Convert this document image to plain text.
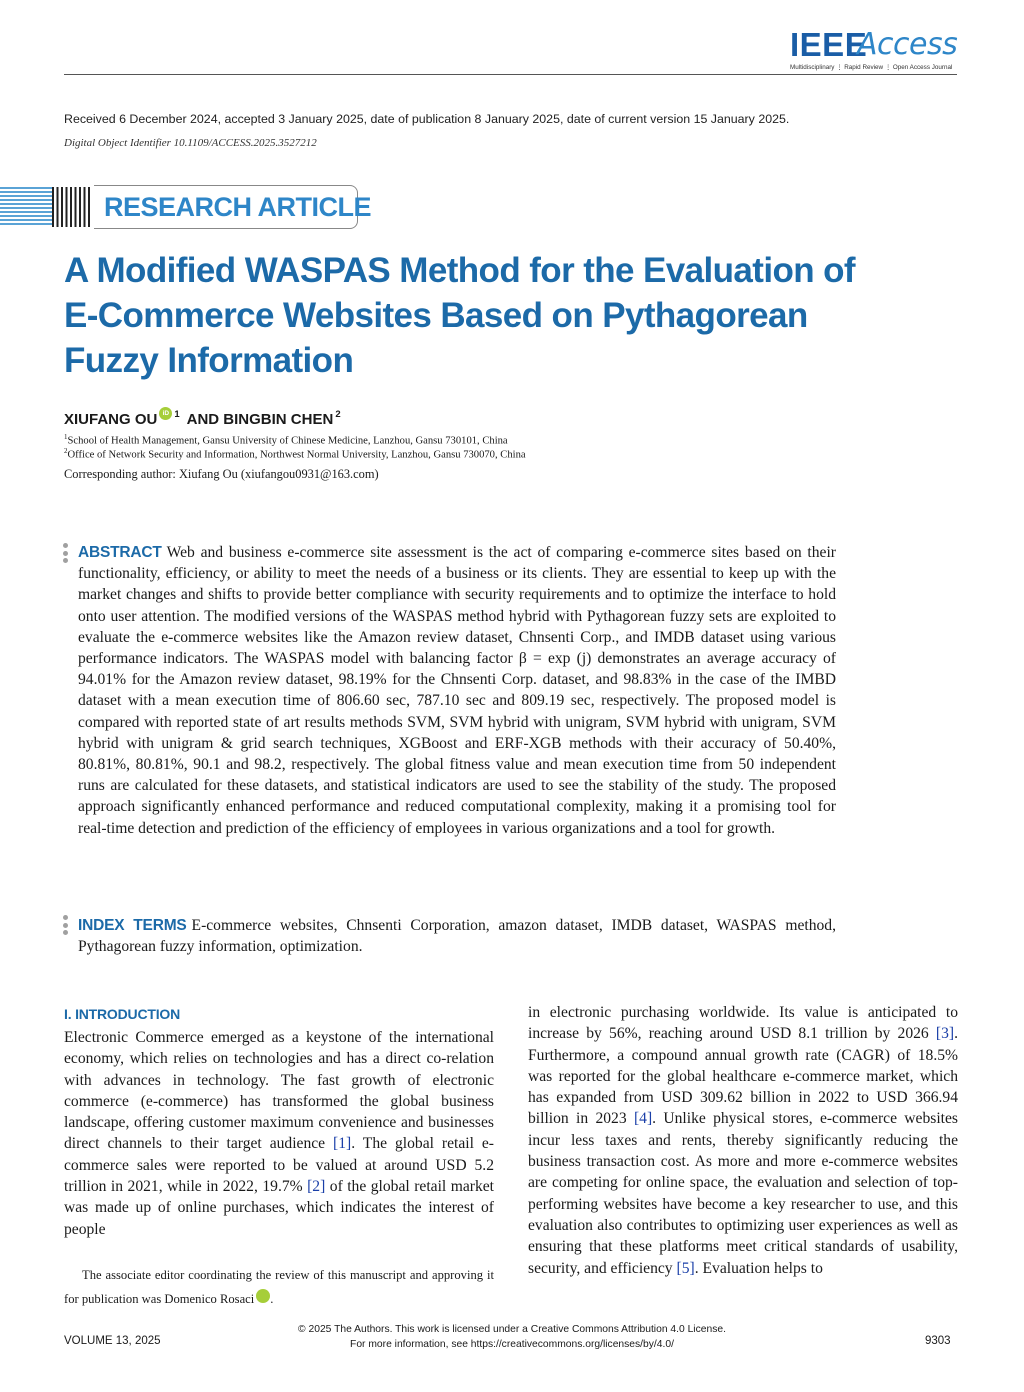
IEEE
Access
Multidisciplinary ⋮ Rapid Review ⋮ Open Access Journal
Received 6 December 2024, accepted 3 January 2025, date of publication 8 January 2025, date of current version 15 January 2025.
Digital Object Identifier 10.1109/ACCESS.2025.3527212
RESEARCH ARTICLE
A Modified WASPAS Method for the Evaluation of E-Commerce Websites Based on Pythagorean Fuzzy Information
XIUFANG OU iD $^1$ AND BINGBIN CHEN$^2$
$^1$School of Health Management, Gansu University of Chinese Medicine, Lanzhou, Gansu 730101, China
$^2$Office of Network Security and Information, Northwest Normal University, Lanzhou, Gansu 730070, China
Corresponding author: Xiufang Ou (xiufangou0931@163.com)
ABSTRACT Web and business e-commerce site assessment is the act of comparing e-commerce sites based on their functionality, efficiency, or ability to meet the needs of a business or its clients. They are essential to keep up with the market changes and shifts to provide better compliance with security requirements and to optimize the interface to hold onto user attention. The modified versions of the WASPAS method hybrid with Pythagorean fuzzy sets are exploited to evaluate the e-commerce websites like the Amazon review dataset, Chnsenti Corp., and IMDB dataset using various performance indicators. The WASPAS model with balancing factor β = exp (j) demonstrates an average accuracy of 94.01% for the Amazon review dataset, 98.19% for the Chnsenti Corp. dataset, and 98.83% in the case of the IMBD dataset with a mean execution time of 806.60 sec, 787.10 sec and 809.19 sec, respectively. The proposed model is compared with reported state of art results methods SVM, SVM hybrid with unigram, SVM hybrid with unigram, SVM hybrid with unigram & grid search techniques, XGBoost and ERF-XGB methods with their accuracy of 50.40%, 80.81%, 80.81%, 90.1 and 98.2, respectively. The global fitness value and mean execution time from 50 independent runs are calculated for these datasets, and statistical indicators are used to see the stability of the study. The proposed approach significantly enhanced performance and reduced computational complexity, making it a promising tool for real-time detection and prediction of the efficiency of employees in various organizations and a tool for growth.
INDEX TERMS E-commerce websites, Chnsenti Corporation, amazon dataset, IMDB dataset, WASPAS method, Pythagorean fuzzy information, optimization.
I. INTRODUCTION
Electronic Commerce emerged as a keystone of the international economy, which relies on technologies and has a direct co-relation with advances in technology. The fast growth of electronic commerce (e-commerce) has transformed the global business landscape, offering customer maximum convenience and businesses direct channels to their target audience [1]. The global retail e-commerce sales were reported to be valued at around USD 5.2 trillion in 2021, while in 2022, 19.7% [2] of the global retail market was made up of online purchases, which indicates the interest of people
in electronic purchasing worldwide. Its value is anticipated to increase by 56%, reaching around USD 8.1 trillion by 2026 [3]. Furthermore, a compound annual growth rate (CAGR) of 18.5% was reported for the global healthcare e-commerce market, which has expanded from USD 309.62 billion in 2022 to USD 366.94 billion in 2023 [4]. Unlike physical stores, e-commerce websites incur less taxes and rents, thereby significantly reducing the business transaction cost. As more and more e-commerce websites are competing for online space, the evaluation and selection of top-performing websites have become a key researcher to use, and this evaluation also contributes to optimizing user experiences as well as ensuring that these platforms meet critical standards of usability, security, and efficiency [5]. Evaluation helps to
The associate editor coordinating the review of this manuscript and approving it for publication was Domenico Rosaci	iD.
© 2025 The Authors. This work is licensed under a Creative Commons Attribution 4.0 License.
For more information, see https://creativecommons.org/licenses/by/4.0/
VOLUME 13, 2025	9303
